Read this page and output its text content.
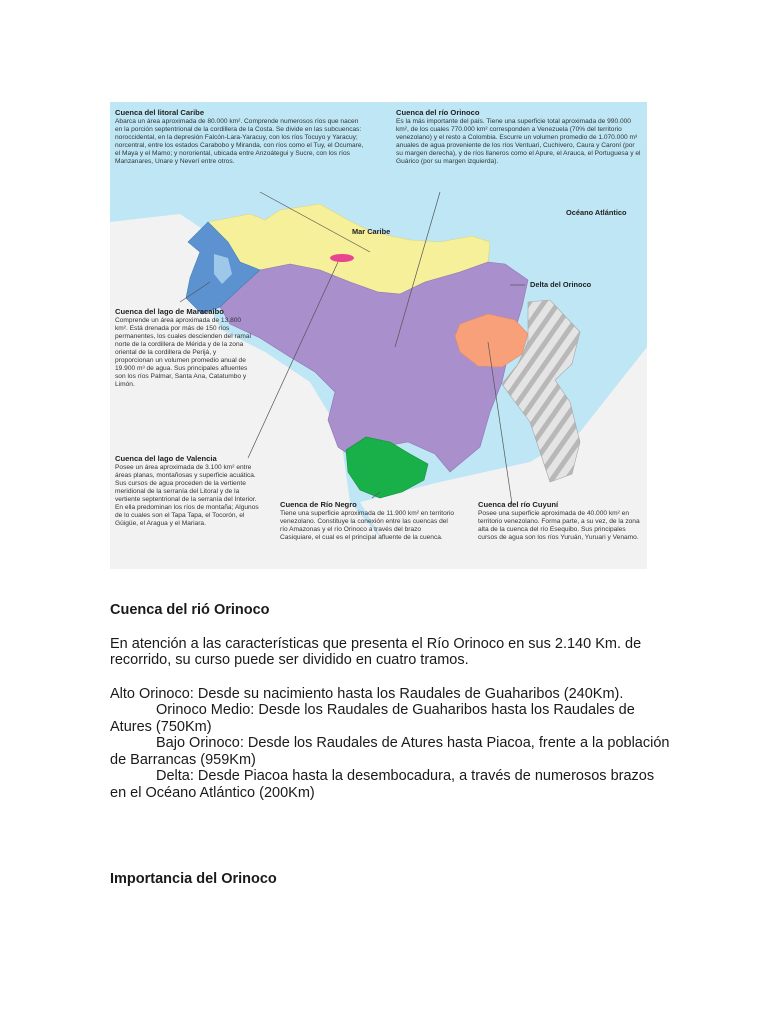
Cuenca del litoral Caribe

Abarca un área aproximada de 80.000 km². Comprende numerosos ríos que nacen en la porción septentrional de la cordillera de la Costa. Se divide en las subcuencas: noroccidental, en la depresión Falcón-Lara-Yaracuy, con los ríos Tocuyo y Yaracuy; norcentral, entre los estados Carabobo y Miranda, con ríos como el Tuy, el Ocumare, el Maya y el Mamo; y nororiental, ubicada entre Anzoátegui y Sucre, con los ríos Manzanares, Unare y Neverí entre otros.

Cuenca del río Orinoco

Es la más importante del país. Tiene una superficie total aproximada de 990.000 km², de los cuales 770.000 km² corresponden a Venezuela (70% del territorio venezolano) y el resto a Colombia. Escurre un volumen promedio de 1.070.000 m³ anuales de agua proveniente de los ríos Ventuari, Cuchivero, Caura y Caroní (por su margen derecha), y de ríos llaneros como el Apure, el Arauca, el Portuguesa y el Guárico (por su margen izquierda).

Océano Atlántico
Mar Caribe
Delta del Orinoco
Cuenca del lago de Maracaibo

Comprende un área aproximada de 13.800 km². Está drenada por más de 150 ríos permanentes, los cuales descienden del ramal norte de la cordillera de Mérida y de la zona oriental de la cordillera de Perijá, y proporcionan un volumen promedio anual de 19.900 m³ de agua. Sus principales afluentes son los ríos Palmar, Santa Ana, Catatumbo y Limón.

Cuenca del lago de Valencia

Posee un área aproximada de 3.100 km² entre áreas planas, montañosas y superficie acuática. Sus cursos de agua proceden de la vertiente meridional de la serranía del Litoral y de la vertiente septentrional de la serranía del Interior. En ella predominan los ríos de montaña; Algunos de lo cuales son el Tapa Tapa, el Tocorón, el Güigüe, el Aragua y el Mariara.

Cuenca de Río Negro

Tiene una superficie aproximada de 11.900 km² en territorio venezolano. Constituye la conexión entre las cuencas del río Amazonas y el río Orinoco a través del brazo Casiquiare, el cual es el principal afluente de la cuenca.

Cuenca del río Cuyuní

Posee una superficie aproximada de 40.000 km² en territorio venezolano. Forma parte, a su vez, de la zona alta de la cuenca del río Esequibo. Sus principales cursos de agua son los ríos Yuruán, Yuruari y Venamo.

Cuenca del rió Orinoco

En atención a las características que presenta el Río Orinoco en sus 2.140 Km. de recorrido, su curso puede ser dividido en cuatro tramos.

Alto Orinoco: Desde su nacimiento hasta los Raudales de Guaharibos (240Km).

Orinoco Medio: Desde los Raudales de Guaharibos hasta los Raudales de Atures (750Km)

Bajo Orinoco: Desde los Raudales de Atures hasta Piacoa, frente a la población de Barrancas (959Km)

Delta: Desde Piacoa hasta la desembocadura, a través de numerosos brazos en el Océano Atlántico (200Km)

Importancia del Orinoco
